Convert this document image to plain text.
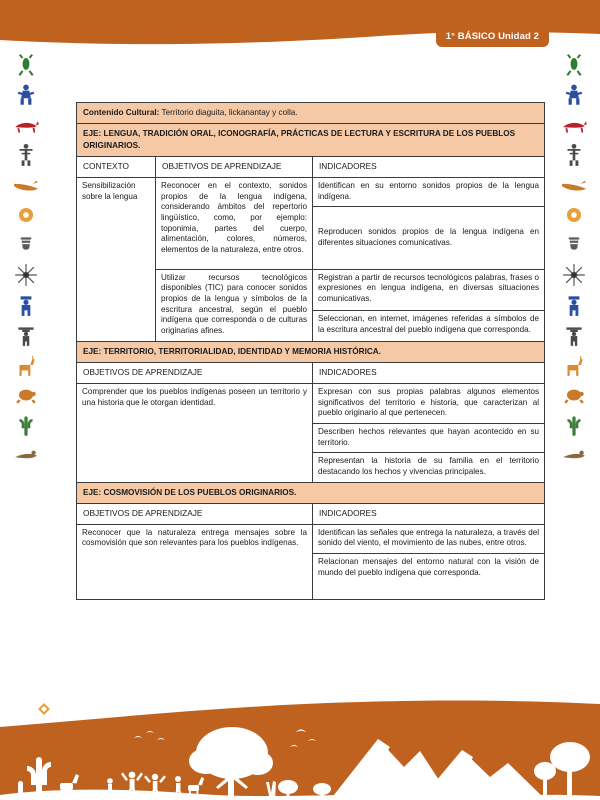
1° BÁSICO Unidad 2
Contenido Cultural: Territorio diaguita, lickanantay y colla.		
EJE: LENGUA, TRADICIÓN ORAL, ICONOGRAFÍA, PRÁCTICAS DE LECTURA Y ESCRITURA DE LOS PUEBLOS ORIGINARIOS.		
CONTEXTO	OBJETIVOS DE APRENDIZAJE	INDICADORES
Sensibilización sobre la lengua	Reconocer en el contexto, sonidos propios de la lengua indígena, considerando ámbitos del repertorio lingüístico, como, por ejemplo: toponimia, partes del cuerpo, alimentación, colores, números, elementos de la naturaleza, entre otros.	Identifican en su entorno sonidos propios de la lengua indígena.
		Reproducen sonidos propios de la lengua indígena en diferentes situaciones comunicativas.
	Utilizar recursos tecnológicos disponibles (TIC) para conocer sonidos propios de la lengua y símbolos de la escritura ancestral, según el pueblo indígena que corresponda o de culturas originarias afines.	Registran a partir de recursos tecnológicos palabras, frases o expresiones en lengua indígena, en diversas situaciones comunicativas.
		Seleccionan, en internet, imágenes referidas a símbolos de la escritura ancestral del pueblo indígena que corresponda.
EJE: TERRITORIO, TERRITORIALIDAD, IDENTIDAD Y MEMORIA HISTÓRICA.		
OBJETIVOS DE APRENDIZAJE		INDICADORES
Comprender que los pueblos indígenas poseen un territorio y una historia que le otorgan identidad.		Expresan con sus propias palabras algunos elementos significativos del territorio e historia, que caracterizan al pueblo originario al que pertenecen.
		Describen hechos relevantes que hayan acontecido en su territorio.
		Representan la historia de su familia en el territorio destacando los hechos y vivencias principales.
EJE: COSMOVISIÓN DE LOS PUEBLOS ORIGINARIOS.		
OBJETIVOS DE APRENDIZAJE		INDICADORES
Reconocer que la naturaleza entrega mensajes sobre la cosmovisión que son relevantes para los pueblos indígenas.		Identifican las señales que entrega la naturaleza, a través del sonido del viento, el movimiento de las nubes, entre otros.
		Relacionan mensajes del entorno natural con la visión de mundo del pueblo indígena que corresponda.
